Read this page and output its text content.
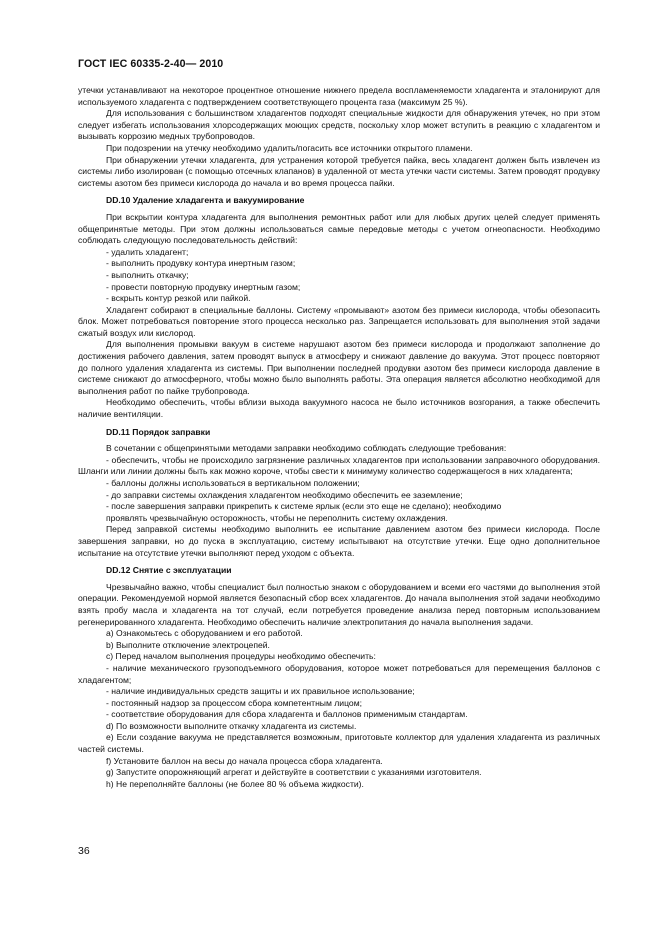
ГОСТ IEC 60335-2-40— 2010

утечки устанавливают на некоторое процентное отношение нижнего предела воспламеняемости хладагента и эталонируют для используемого хладагента с подтверждением соответствующего процента газа (максимум 25 %).

Для использования с большинством хладагентов подходят специальные жидкости для обнаружения утечек, но при этом следует избегать использования хлорсодержащих моющих средств, поскольку хлор может вступить в реакцию с хладагентом и вызывать коррозию медных трубопроводов.

При подозрении на утечку необходимо удалить/погасить все источники открытого пламени.

При обнаружении утечки хладагента, для устранения которой требуется пайка, весь хладагент должен быть извлечен из системы либо изолирован (с помощью отсечных клапанов) в удаленной от места утечки части системы. Затем проводят продувку системы азотом без примеси кислорода до начала и во время процесса пайки.

DD.10 Удаление хладагента и вакуумирование

При вскрытии контура хладагента для выполнения ремонтных работ или для любых других целей следует применять общепринятые методы. При этом должны использоваться самые передовые методы с учетом огнеопасности. Необходимо соблюдать следующую последовательность действий:

- удалить хладагент;

- выполнить продувку контура инертным газом;

- выполнить откачку;

- провести повторную продувку инертным газом;

- вскрыть контур резкой или пайкой.

Хладагент собирают в специальные баллоны. Систему «промывают» азотом без примеси кислорода, чтобы обезопасить блок. Может потребоваться повторение этого процесса несколько раз. Запрещается использовать для выполнения этой задачи сжатый воздух или кислород.

Для выполнения промывки вакуум в системе нарушают азотом без примеси кислорода и продолжают заполнение до достижения рабочего давления, затем проводят выпуск в атмосферу и снижают давление до вакуума. Этот процесс повторяют до полного удаления хладагента из системы. При выполнении последней продувки азотом без примеси кислорода давление в системе снижают до атмосферного, чтобы можно было выполнять работы. Эта операция является абсолютно необходимой для выполнения работ по пайке трубопровода.

Необходимо обеспечить, чтобы вблизи выхода вакуумного насоса не было источников возгорания, а также обеспечить наличие вентиляции.

DD.11 Порядок заправки

В сочетании с общепринятыми методами заправки необходимо соблюдать следующие требования:

- обеспечить, чтобы не происходило загрязнение различных хладагентов при использовании заправочного оборудования. Шланги или линии должны быть как можно короче, чтобы свести к минимуму количество содержащегося в них хладагента;

- баллоны должны использоваться в вертикальном положении;

- до заправки системы охлаждения хладагентом необходимо обеспечить ее заземление;

- после завершения заправки прикрепить к системе ярлык (если это еще не сделано); необходимо

проявлять чрезвычайную осторожность, чтобы не переполнить систему охлаждения.

Перед заправкой системы необходимо выполнить ее испытание давлением азотом без примеси кислорода. После завершения заправки, но до пуска в эксплуатацию, систему испытывают на отсутствие утечки. Еще одно дополнительное испытание на отсутствие утечки выполняют перед уходом с объекта.

DD.12 Снятие с эксплуатации

Чрезвычайно важно, чтобы специалист был полностью знаком с оборудованием и всеми его частями до выполнения этой операции. Рекомендуемой нормой является безопасный сбор всех хладагентов. До начала выполнения этой задачи необходимо взять пробу масла и хладагента на тот случай, если потребуется проведение анализа перед повторным использованием регенерированного хладагента. Необходимо обеспечить наличие электропитания до начала выполнения задачи.

a) Ознакомьтесь с оборудованием и его работой.

b) Выполните отключение электроцепей.

c) Перед началом выполнения процедуры необходимо обеспечить:

- наличие механического грузоподъемного оборудования, которое может потребоваться для перемещения баллонов с хладагентом;

- наличие индивидуальных средств защиты и их правильное использование;

- постоянный надзор за процессом сбора компетентным лицом;

- соответствие оборудования для сбора хладагента и баллонов применимым стандартам.

d) По возможности выполните откачку хладагента из системы.

e) Если создание вакуума не представляется возможным, приготовьте коллектор для удаления хладагента из различных частей системы.

f) Установите баллон на весы до начала процесса сбора хладагента.

g) Запустите опорожняющий агрегат и действуйте в соответствии с указаниями изготовителя.

h) Не переполняйте баллоны (не более 80 % объема жидкости).

36
